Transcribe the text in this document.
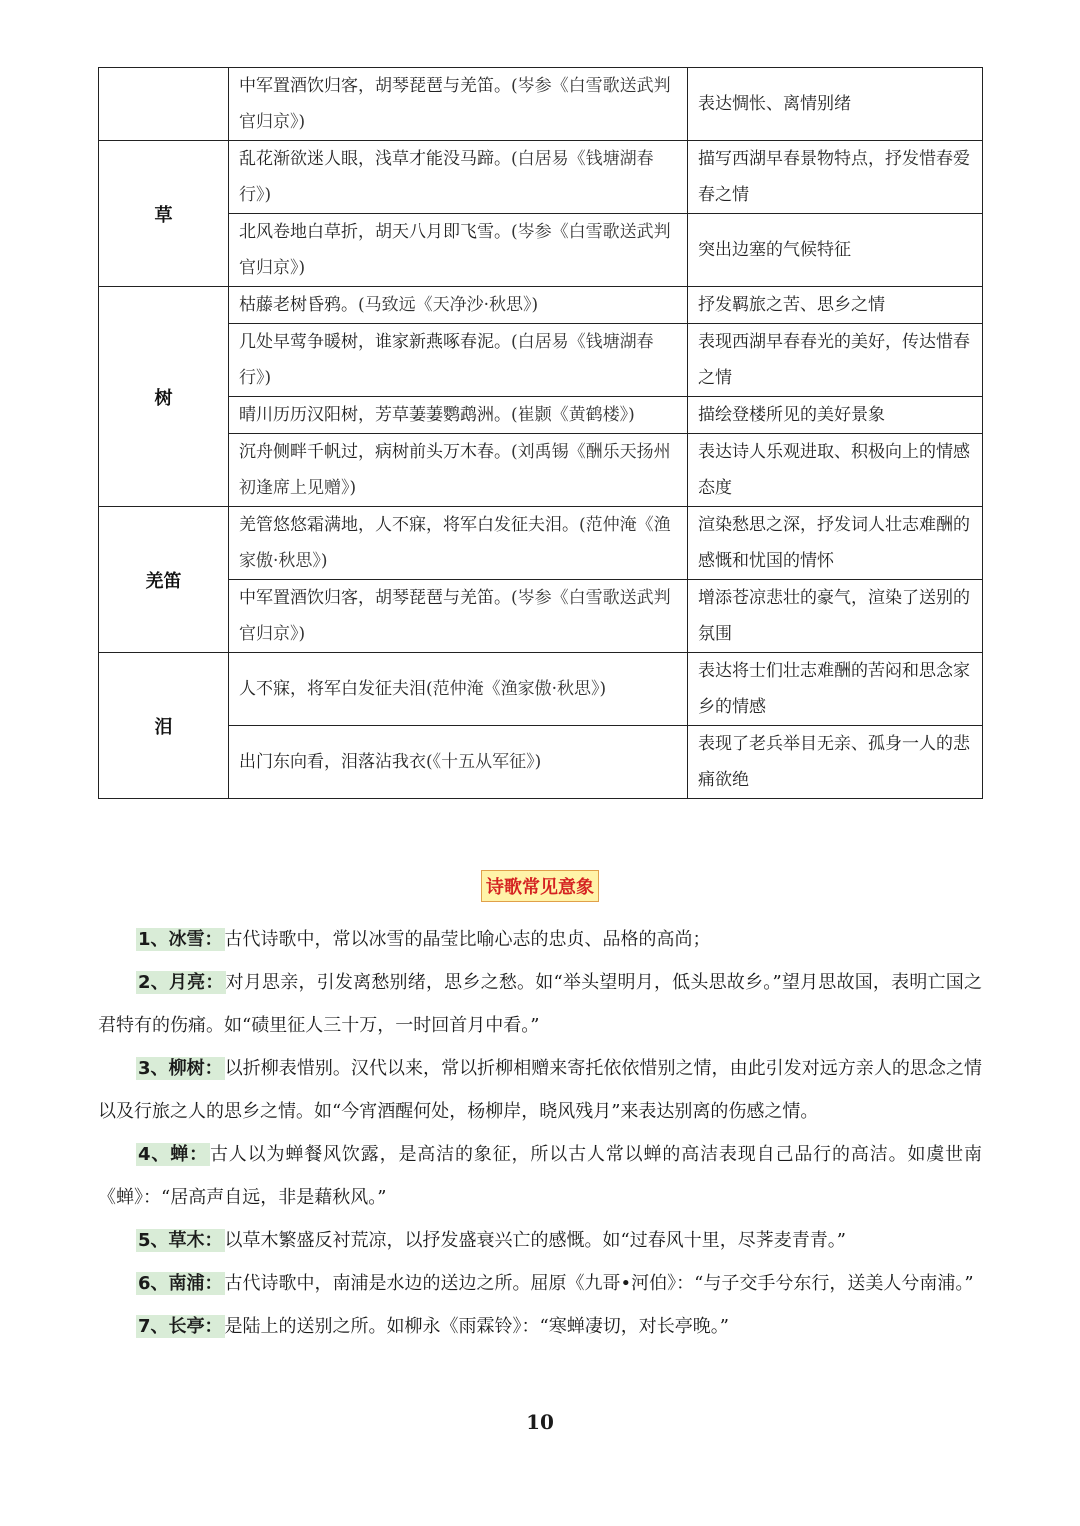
	中军置酒饮归客，胡琴琵琶与羌笛。(岑参《白雪歌送武判官归京》)	表达惆怅、离情别绪
草	乱花渐欲迷人眼，浅草才能没马蹄。(白居易《钱塘湖春行》)	描写西湖早春景物特点，抒发惜春爱春之情
	北风卷地白草折，胡天八月即飞雪。(岑参《白雪歌送武判官归京》)	突出边塞的气候特征
树	枯藤老树昏鸦。(马致远《天净沙·秋思》)	抒发羁旅之苦、思乡之情
	几处早莺争暖树，谁家新燕啄春泥。(白居易《钱塘湖春行》)	表现西湖早春春光的美好，传达惜春之情
	晴川历历汉阳树，芳草萋萋鹦鹉洲。(崔颢《黄鹤楼》)	描绘登楼所见的美好景象
	沉舟侧畔千帆过，病树前头万木春。(刘禹锡《酬乐天扬州初逢席上见赠》)	表达诗人乐观进取、积极向上的情感态度
羌笛	羌管悠悠霜满地，人不寐，将军白发征夫泪。(范仲淹《渔家傲·秋思》)	渲染愁思之深，抒发词人壮志难酬的感慨和忧国的情怀
	中军置酒饮归客，胡琴琵琶与羌笛。(岑参《白雪歌送武判官归京》)	增添苍凉悲壮的豪气，渲染了送别的氛围
泪	人不寐，将军白发征夫泪(范仲淹《渔家傲·秋思》)	表达将士们壮志难酬的苦闷和思念家乡的情感
	出门东向看，泪落沾我衣(《十五从军征》)	表现了老兵举目无亲、孤身一人的悲痛欲绝
诗歌常见意象
1、冰雪： 古代诗歌中，常以冰雪的晶莹比喻心志的忠贞、品格的高尚；
2、月亮： 对月思亲，引发离愁别绪，思乡之愁。如“举头望明月，低头思故乡。”望月思故国，表明亡国之君特有的伤痛。如“碛里征人三十万，一时回首月中看。”
3、柳树： 以折柳表惜别。汉代以来，常以折柳相赠来寄托依依惜别之情，由此引发对远方亲人的思念之情以及行旅之人的思乡之情。如“今宵酒醒何处，杨柳岸，晓风残月”来表达别离的伤感之情。
4、蝉： 古人以为蝉餐风饮露，是高洁的象征，所以古人常以蝉的高洁表现自己品行的高洁。如虞世南《蝉》：“居高声自远，非是藉秋风。”
5、草木： 以草木繁盛反衬荒凉，以抒发盛衰兴亡的感慨。如“过春风十里，尽荠麦青青。”
6、南浦： 古代诗歌中，南浦是水边的送边之所。屈原《九哥•河伯》：“与子交手兮东行，送美人兮南浦。”
7、长亭： 是陆上的送别之所。如柳永《雨霖铃》：“寒蝉凄切，对长亭晚。”
10
